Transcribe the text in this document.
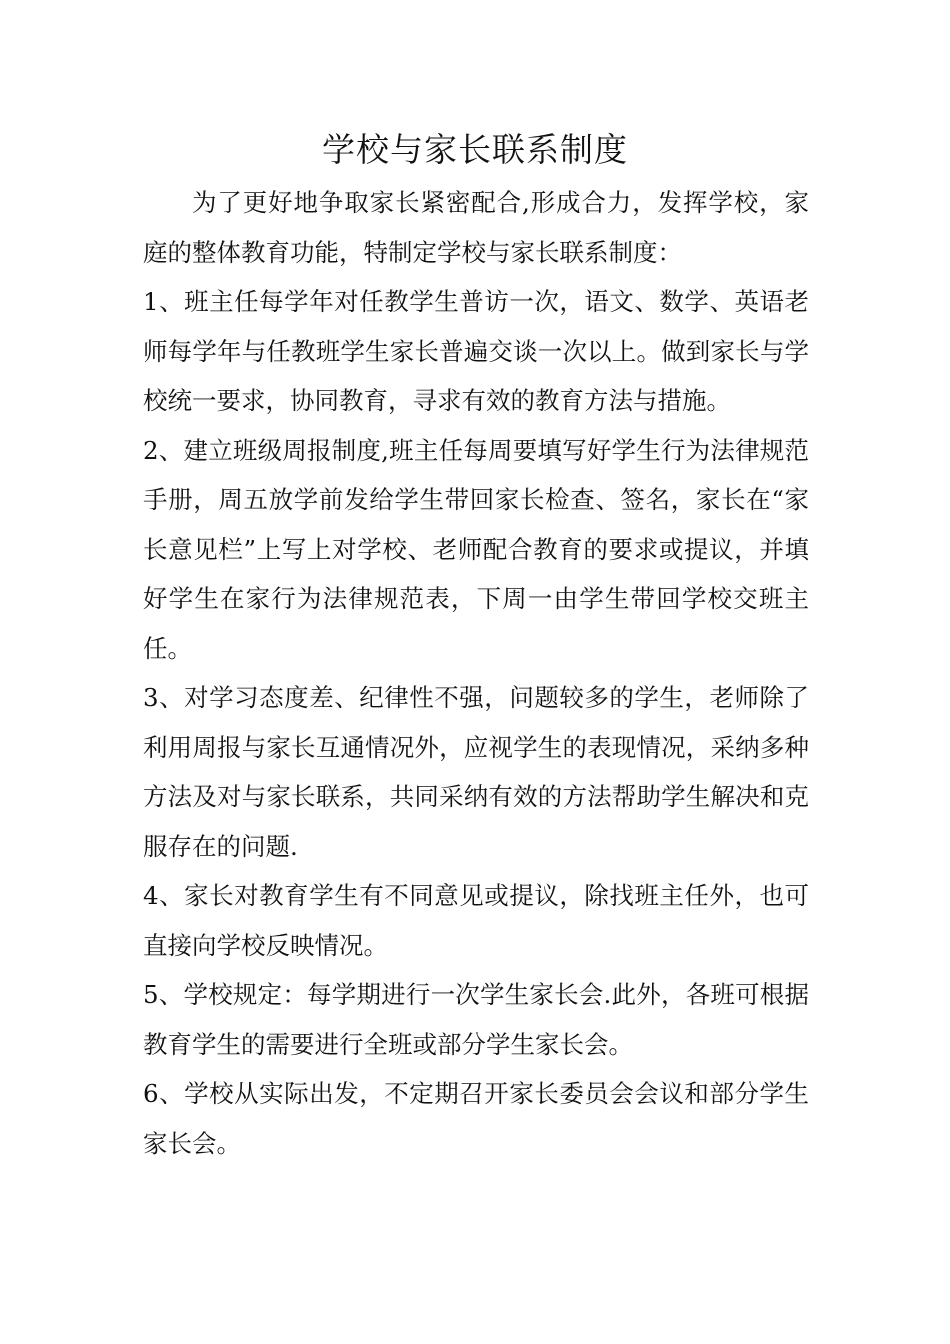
学校与家长联系制度

为了更好地争取家长紧密配合,形成合力，发挥学校，家庭的整体教育功能，特制定学校与家长联系制度：

1、班主任每学年对任教学生普访一次，语文、数学、英语老师每学年与任教班学生家长普遍交谈一次以上。做到家长与学校统一要求，协同教育，寻求有效的教育方法与措施。

2、建立班级周报制度,班主任每周要填写好学生行为法律规范手册，周五放学前发给学生带回家长检查、签名，家长在“家长意见栏”上写上对学校、老师配合教育的要求或提议，并填好学生在家行为法律规范表，下周一由学生带回学校交班主任。

3、对学习态度差、纪律性不强，问题较多的学生，老师除了利用周报与家长互通情况外，应视学生的表现情况，采纳多种方法及对与家长联系，共同采纳有效的方法帮助学生解决和克服存在的问题.

4、家长对教育学生有不同意见或提议，除找班主任外，也可直接向学校反映情况。

5、学校规定：每学期进行一次学生家长会.此外，各班可根据教育学生的需要进行全班或部分学生家长会。

6、学校从实际出发，不定期召开家长委员会会议和部分学生家长会。
